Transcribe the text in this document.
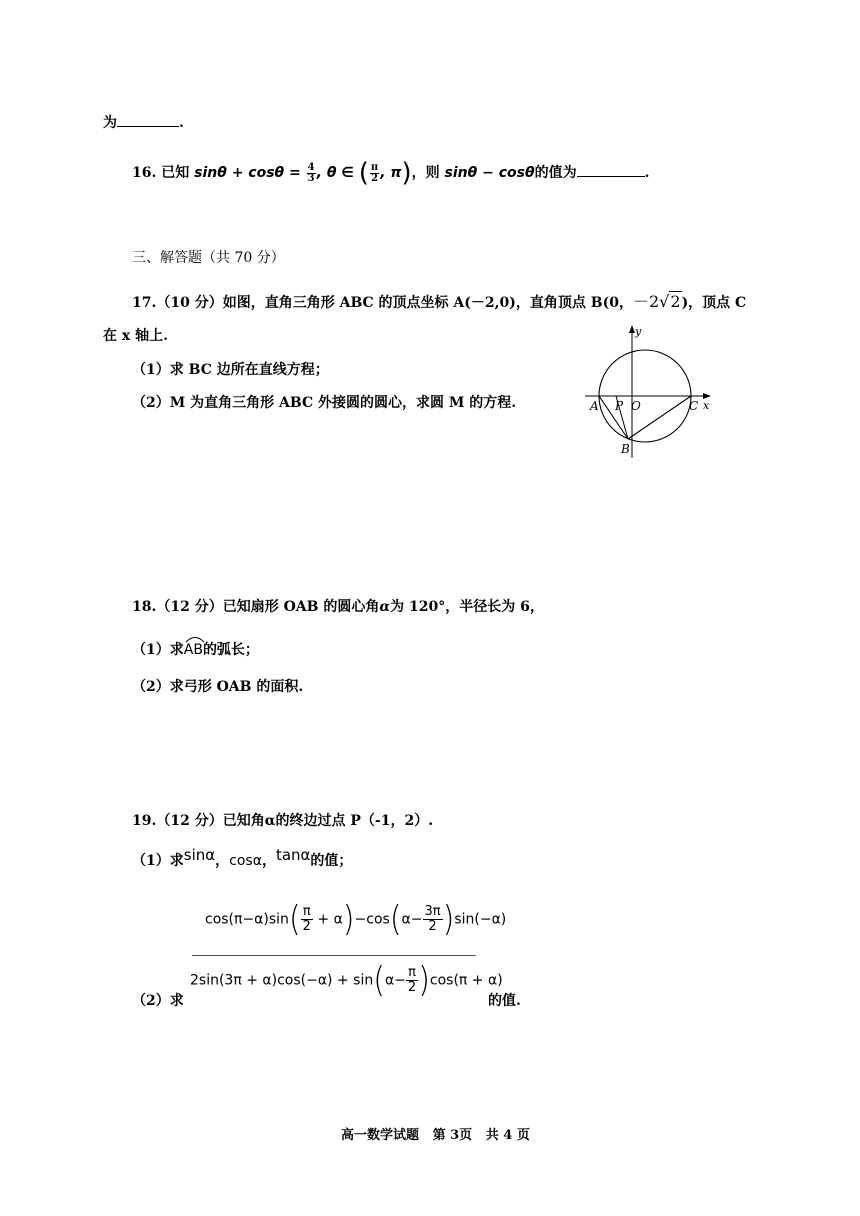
为	.
16. 已知 $\sin\theta + \cos\theta = \frac{4}{3}$ , θ ∈ ( $\frac{\pi}{2}$ , π)，则 sinθ − cosθ的值为	.
三、解答题（共 70 分）
17.（10 分）如图，直角三角形 ABC 的顶点坐标 A(－2,0)，直角顶点 B(0，－2√2)，顶点 C
在 x 轴上.
（1）求 BC 边所在直线方程；
（2）M 为直角三角形 ABC 外接圆的圆心，求圆 M 的方程.
y
x
A P O	C
B
18.（12 分）已知扇形 OAB 的圆心角α为 120°，半径长为 6，
（1）求
AB的弧长；
（2）求弓形 OAB 的面积.
19.（12 分）已知角α的终边过点 P（-1，2）.
（1）求sinα，cosα，tanα的值；
$\cos(\pi-\alpha)\sin( \frac{\pi}{2} + \alpha)-\cos(\alpha- \frac{3\pi}{2} )\sin(-\alpha)$
$2\sin(3\pi + \alpha)\cos(-\alpha) + \sin(\alpha- \frac{\pi}{2} )\cos(\pi + \alpha)$
（2）求	的值.
高一数学试题   第 3页   共 4 页
